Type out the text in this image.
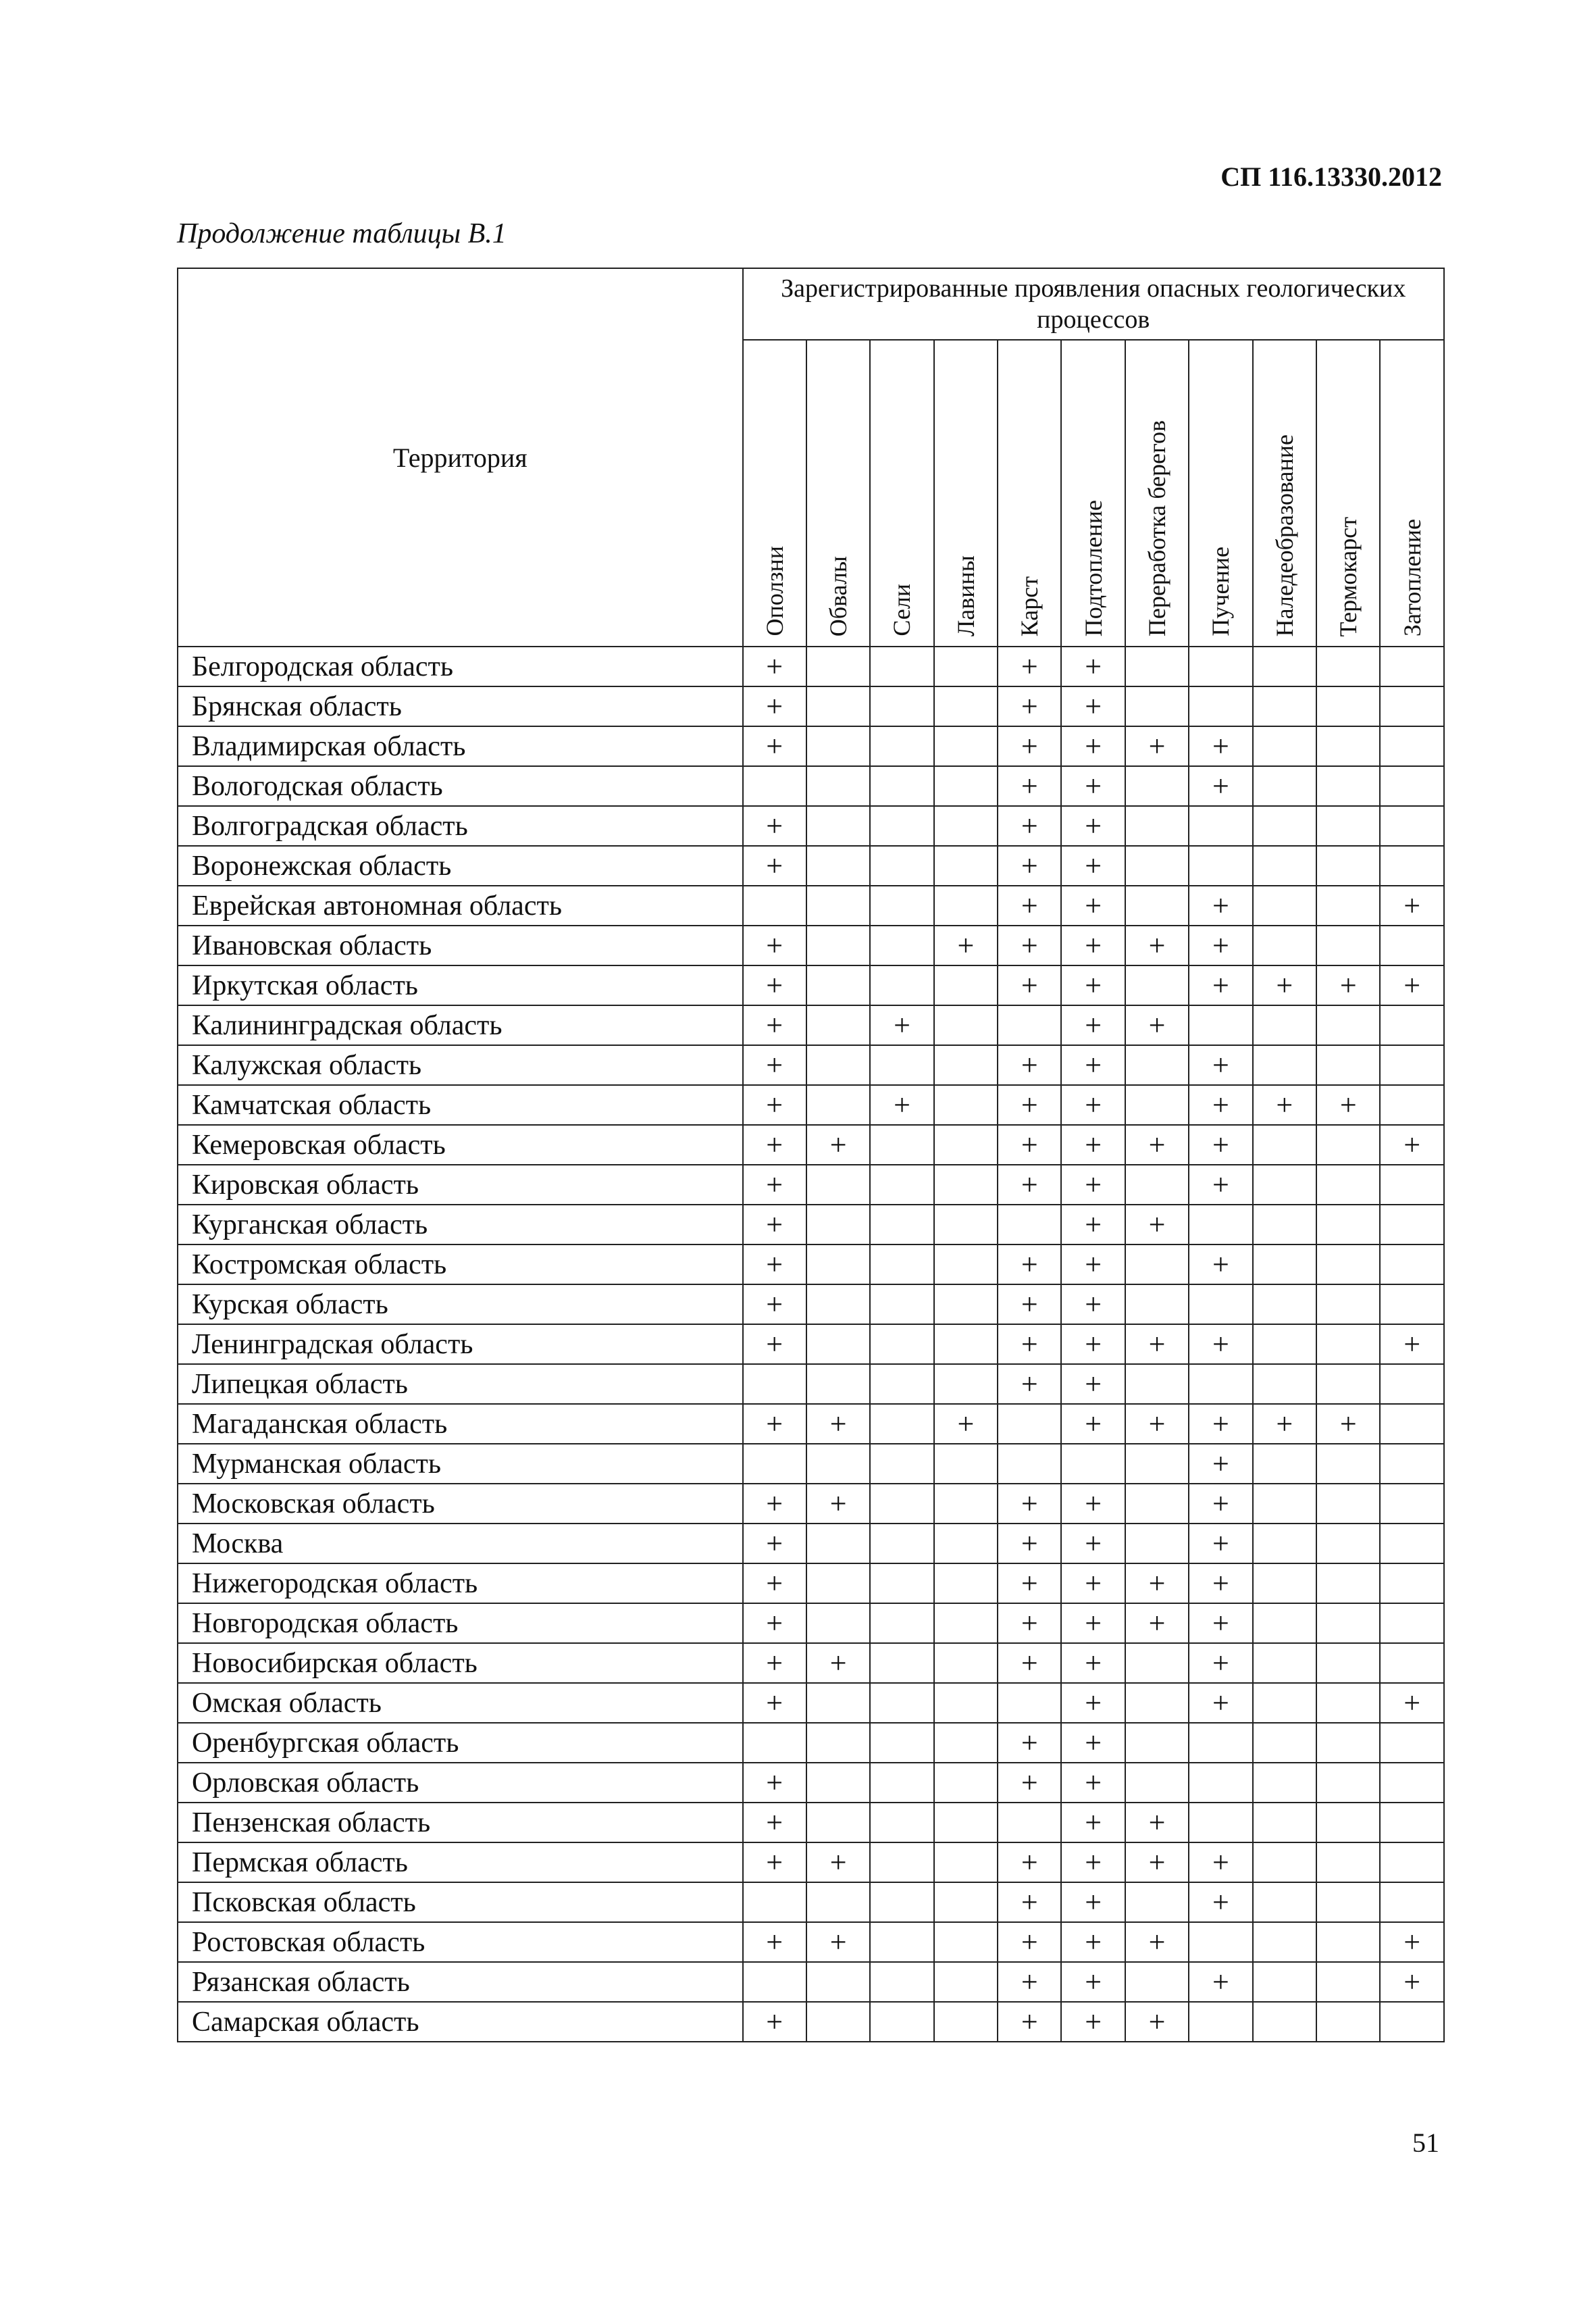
СП 116.13330.2012
Продолжение таблицы В.1
Территория	Зарегистрированные проявления опасных геологических процессов										

	Оползни	Обвалы	Сели	Лавины	Карст	Подтопление	Переработка берегов	Пучение	Наледеобразование	Термокарст	Затопление

Белгородская область	+				+	+					
Брянская область	+				+	+					
Владимирская область	+				+	+	+	+			
Вологодская область					+	+		+			
Волгоградская область	+				+	+					
Воронежская область	+				+	+					
Еврейская автономная область					+	+		+			+
Ивановская область	+			+	+	+	+	+			
Иркутская область	+				+	+		+	+	+	+
Калининградская область	+		+			+	+				
Калужская область	+				+	+		+			
Камчатская область	+		+		+	+		+	+	+	
Кемеровская область	+	+			+	+	+	+			+
Кировская область	+				+	+		+			
Курганская область	+					+	+				
Костромская область	+				+	+		+			
Курская область	+				+	+					
Ленинградская область	+				+	+	+	+			+
Липецкая область					+	+					
Магаданская область	+	+		+		+	+	+	+	+	
Мурманская область								+			
Московская область	+	+			+	+		+			
Москва	+				+	+		+			
Нижегородская область	+				+	+	+	+			
Новгородская область	+				+	+	+	+			
Новосибирская область	+	+			+	+		+			
Омская область	+					+		+			+
Оренбургская область					+	+					
Орловская область	+				+	+					
Пензенская область	+					+	+				
Пермская область	+	+			+	+	+	+			
Псковская область					+	+		+			
Ростовская область	+	+			+	+	+				+
Рязанская область					+	+		+			+
Самарская область	+				+	+	+				
51
